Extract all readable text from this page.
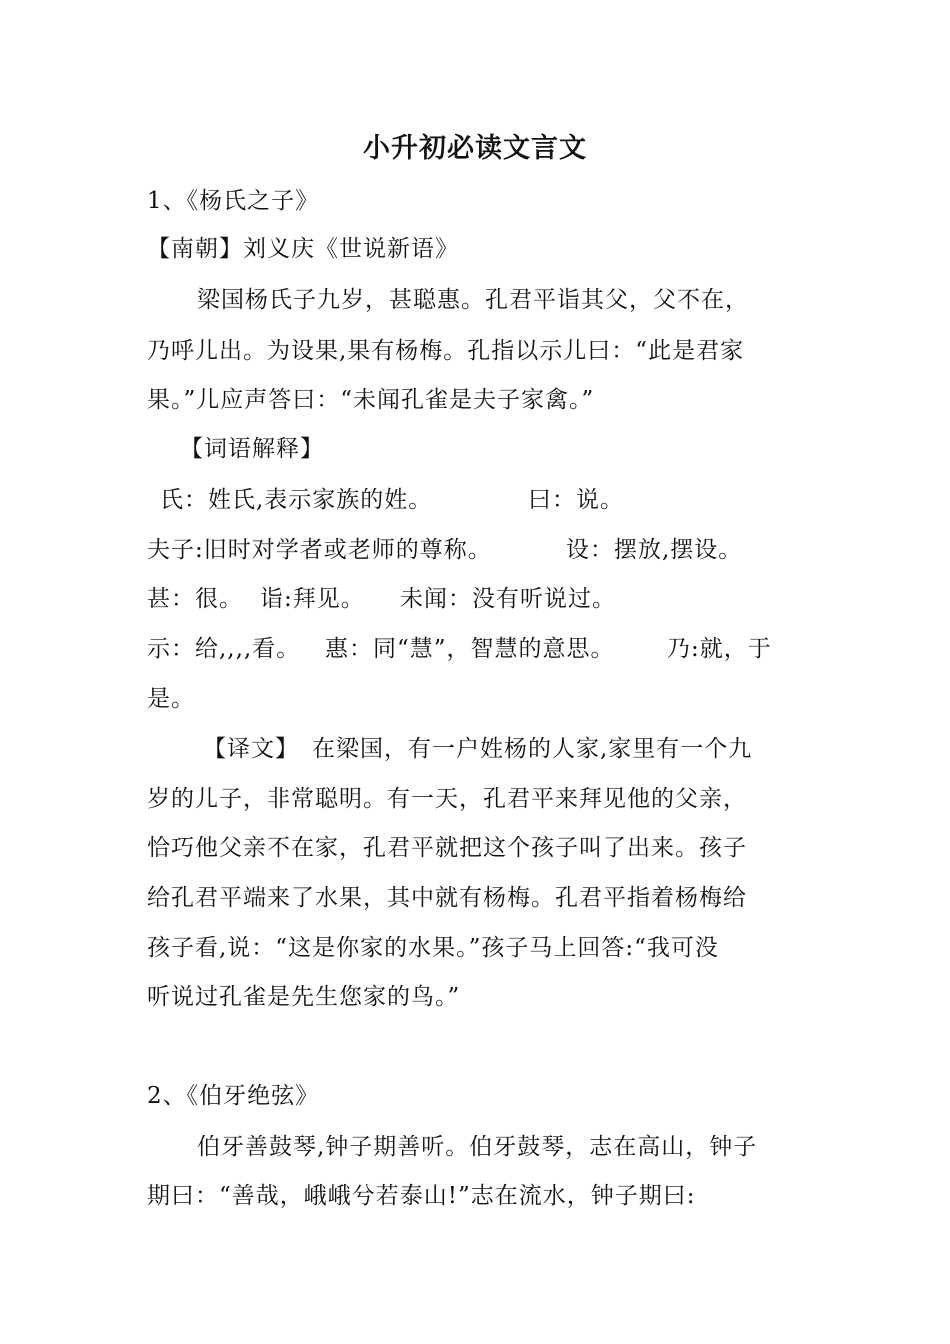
小升初必读文言文
1、《杨氏之子》
【南朝】刘义庆《世说新语》
梁国杨氏子九岁，甚聪惠。孔君平诣其父，父不在，
乃呼儿出。为设果,果有杨梅。孔指以示儿曰：“此是君家
果。”儿应声答曰：“未闻孔雀是夫子家禽。”
【词语解释】
氏：姓氏,表示家族的姓。	曰：说。
夫子:旧时对学者或老师的尊称。	设：摆放,摆设。
甚：很。 诣:拜见。 未闻：没有听说过。
示：给,,,,看。 惠：同“慧”，智慧的意思。 乃:就，于
是。
【译文】 在梁国，有一户姓杨的人家,家里有一个九
岁的儿子，非常聪明。有一天，孔君平来拜见他的父亲，
恰巧他父亲不在家，孔君平就把这个孩子叫了出来。孩子
给孔君平端来了水果，其中就有杨梅。孔君平指着杨梅给
孩子看,说：“这是你家的水果。”孩子马上回答:“我可没
听说过孔雀是先生您家的鸟。”
2、《伯牙绝弦》
伯牙善鼓琴,钟子期善听。伯牙鼓琴，志在高山，钟子
期曰：“善哉，峨峨兮若泰山!”志在流水，钟子期曰:
